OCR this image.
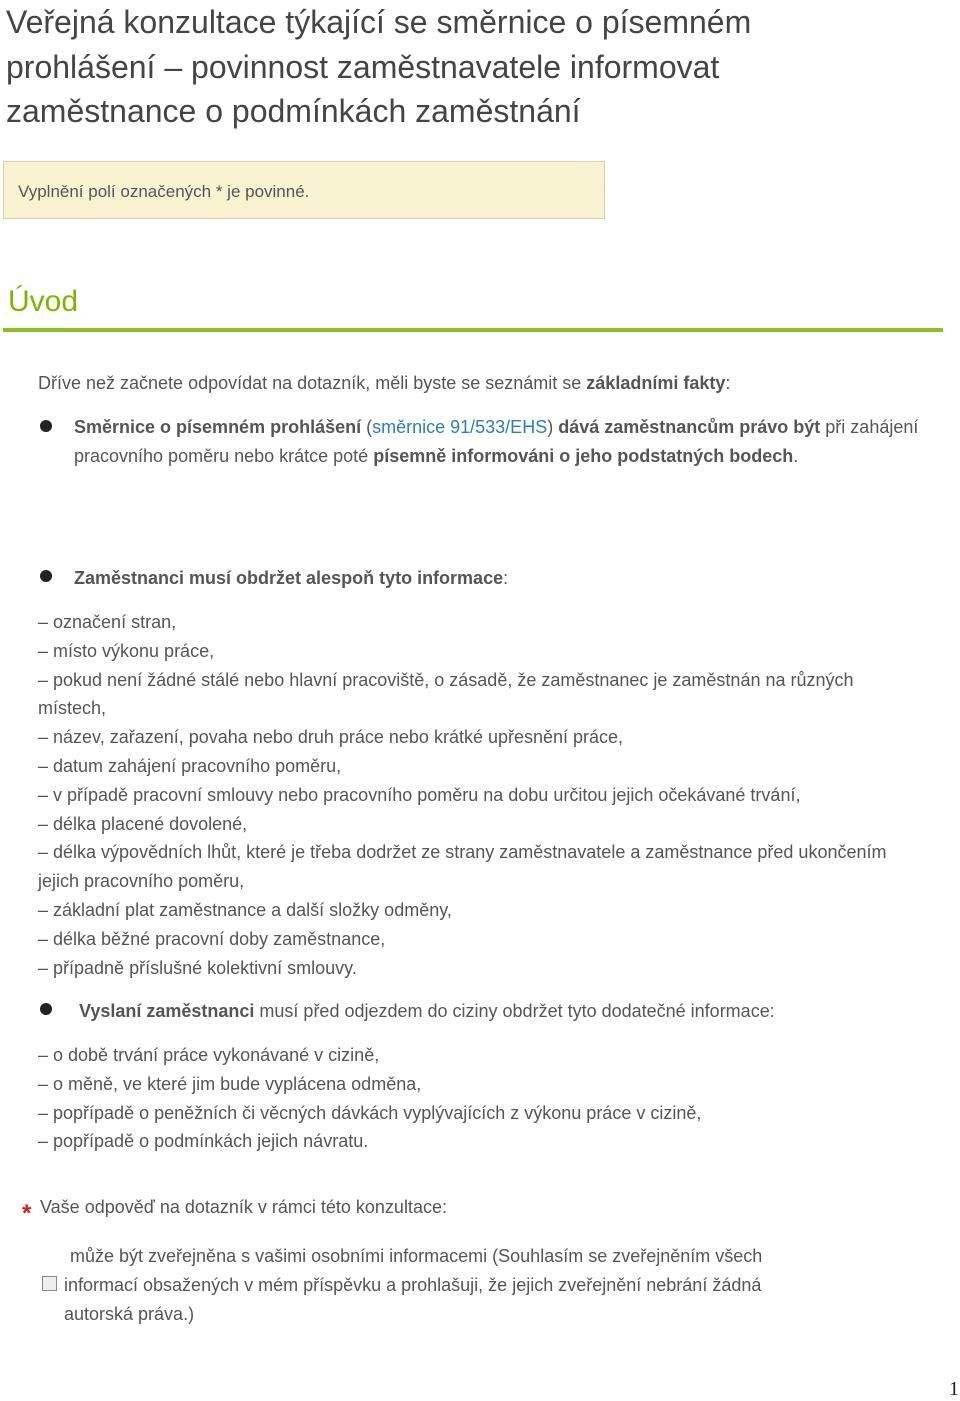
Veřejná konzultace týkající se směrnice o písemném prohlášení – povinnost zaměstnavatele informovat zaměstnance o podmínkách zaměstnání
Vyplnění polí označených * je povinné.
Úvod

Dříve než začnete odpovídat na dotazník, měli byste se seznámit se základními fakty:

Směrnice o písemném prohlášení (směrnice 91/533/EHS) dává zaměstnancům právo být při zahájení pracovního poměru nebo krátce poté písemně informováni o jeho podstatných bodech.

Zaměstnanci musí obdržet alespoň tyto informace:

– označení stran,
– místo výkonu práce,
– pokud není žádné stálé nebo hlavní pracoviště, o zásadě, že zaměstnanec je zaměstnán na různých místech,
– název, zařazení, povaha nebo druh práce nebo krátké upřesnění práce,
– datum zahájení pracovního poměru,
– v případě pracovní smlouvy nebo pracovního poměru na dobu určitou jejich očekávané trvání,
– délka placené dovolené,
– délka výpovědních lhůt, které je třeba dodržet ze strany zaměstnavatele a zaměstnance před ukončením jejich pracovního poměru,
– základní plat zaměstnance a další složky odměny,
– délka běžné pracovní doby zaměstnance,
– případně příslušné kolektivní smlouvy.

Vyslaní zaměstnanci musí před odjezdem do ciziny obdržet tyto dodatečné informace:

– o době trvání práce vykonávané v cizině,
– o měně, ve které jim bude vyplácena odměna,
– popřípadě o peněžních či věcných dávkách vyplývajících z výkonu práce v cizině,
– popřípadě o podmínkách jejich návratu.
* Vaše odpověď na dotazník v rámci této konzultace:

může být zveřejněna s vašimi osobními informacemi (Souhlasím se zveřejněním všech
informací obsažených v mém příspěvku a prohlašuji, že jejich zveřejnění nebrání žádná
autorská práva.)
1
